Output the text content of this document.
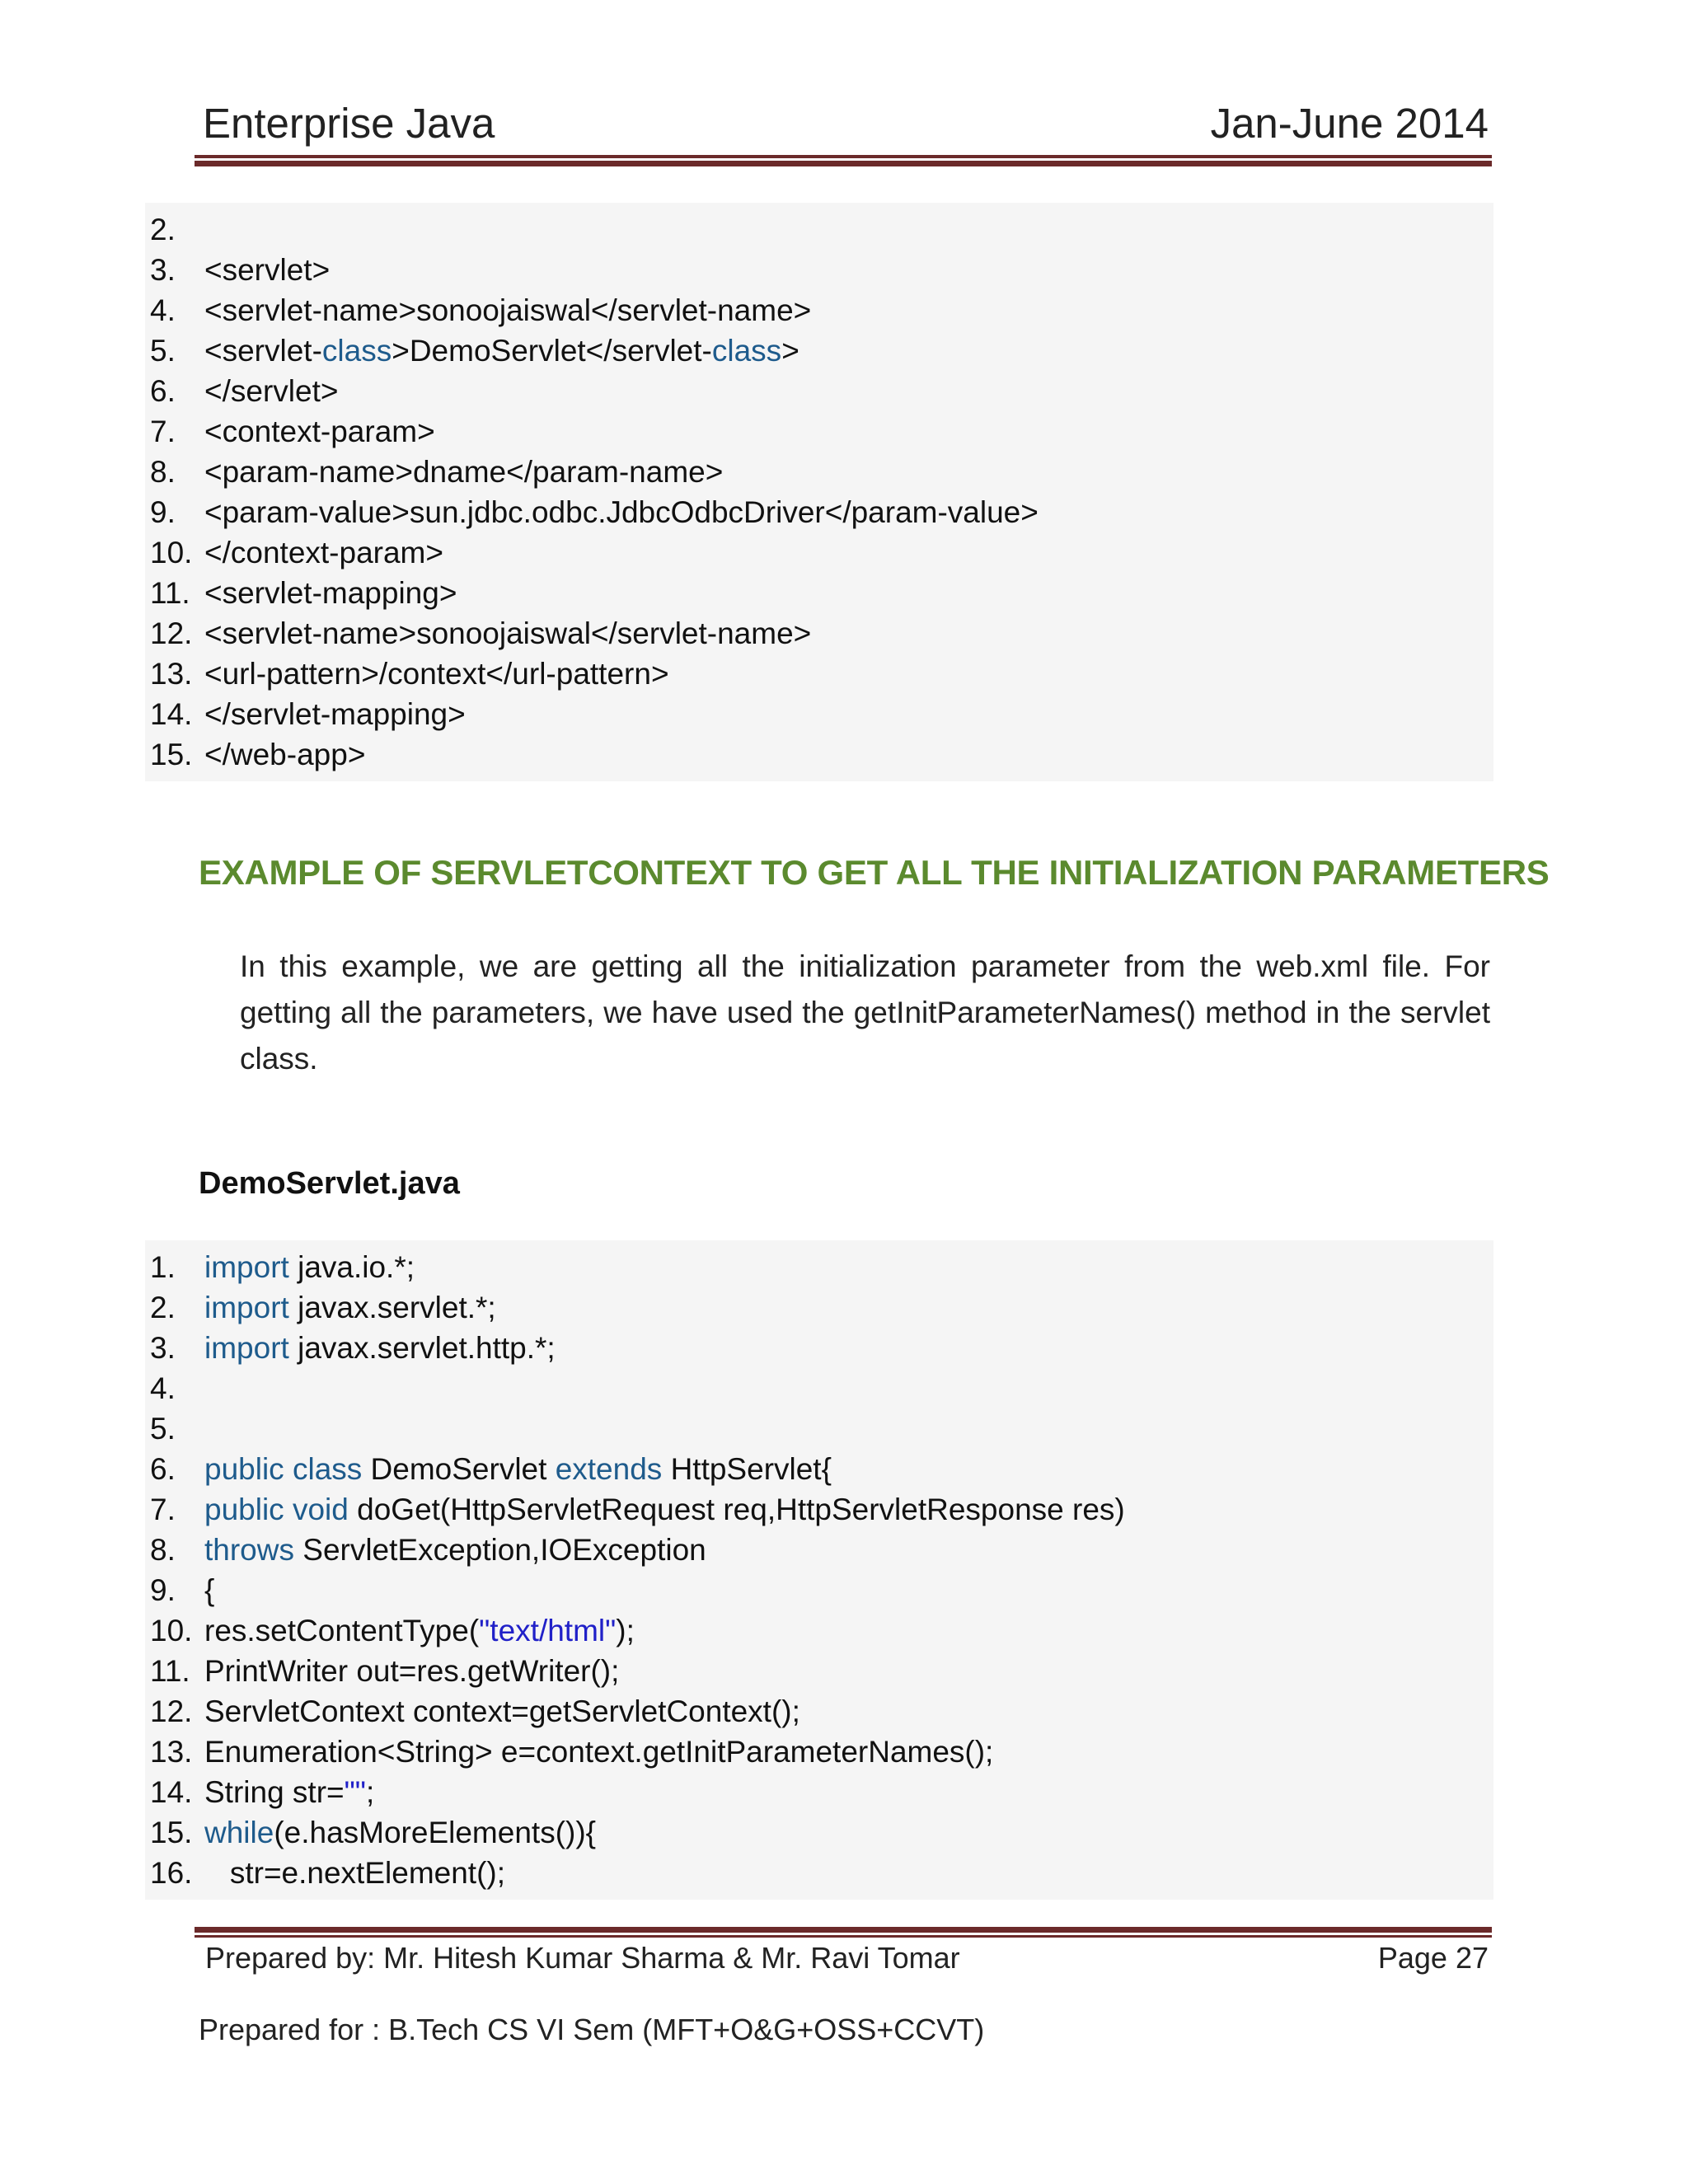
Enterprise Java	Jan-June 2014
2.
3. <servlet>
4. <servlet-name>sonoojaiswal</servlet-name>
5. <servlet-class>DemoServlet</servlet-class>
6. </servlet>
7. <context-param>
8. <param-name>dname</param-name>
9. <param-value>sun.jdbc.odbc.JdbcOdbcDriver</param-value>
10. </context-param>
11. <servlet-mapping>
12. <servlet-name>sonoojaiswal</servlet-name>
13. <url-pattern>/context</url-pattern>
14. </servlet-mapping>
15. </web-app>
EXAMPLE OF SERVLETCONTEXT TO GET ALL THE INITIALIZATION PARAMETERS
In this example, we are getting all the initialization parameter from the web.xml file. For getting all the parameters, we have used the getInitParameterNames() method in the servlet class.
DemoServlet.java
1. import java.io.*;
2. import javax.servlet.*;
3. import javax.servlet.http.*;
4.
5.
6. public class DemoServlet extends HttpServlet{
7. public void doGet(HttpServletRequest req,HttpServletResponse res)
8. throws ServletException,IOException
9. {
10. res.setContentType("text/html");
11. PrintWriter out=res.getWriter();
12. ServletContext context=getServletContext();
13. Enumeration<String> e=context.getInitParameterNames();
14. String str="";
15. while(e.hasMoreElements()){
16.   str=e.nextElement();
Prepared by: Mr. Hitesh Kumar Sharma & Mr. Ravi Tomar	Page 27
Prepared for : B.Tech CS VI Sem (MFT+O&G+OSS+CCVT)
